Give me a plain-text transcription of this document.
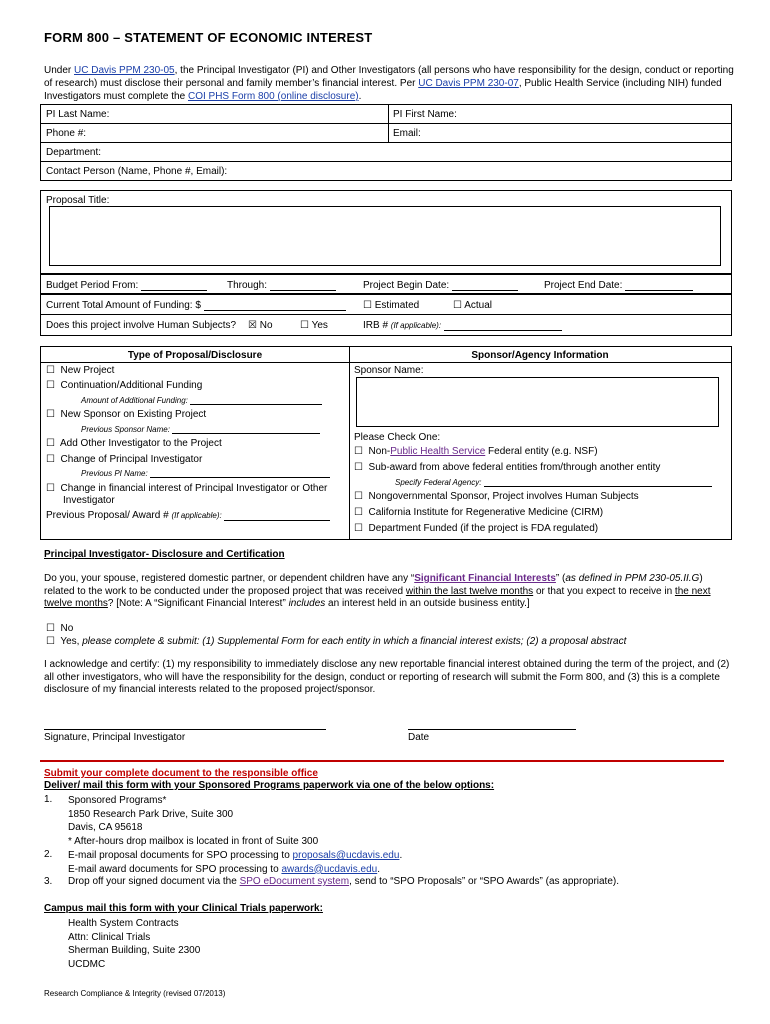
FORM 800 – STATEMENT OF ECONOMIC INTEREST
Under UC Davis PPM 230-05, the Principal Investigator (PI) and Other Investigators (all persons who have responsibility for the design, conduct or reporting of research) must disclose their personal and family member’s financial interest. Per UC Davis PPM 230-07, Public Health Service (including NIH) funded Investigators must complete the COI PHS Form 800 (online disclosure).
PI Last Name:	PI First Name:
Phone #:	Email:
Department:
Contact Person (Name, Phone #, Email):
Proposal Title:
Budget Period From:	Through:	Project Begin Date:	Project End Date:
Current Total Amount of Funding: $	☐ Estimated	☐ Actual
Does this project involve Human Subjects? ☒ No	☐ Yes	IRB # (If applicable):
Type of Proposal/Disclosure	Sponsor/Agency Information
☐ New Project
☐ Continuation/Additional Funding
Amount of Additional Funding:
☐ New Sponsor on Existing Project
Previous Sponsor Name:
☐ Add Other Investigator to the Project
☐ Change of Principal Investigator
Previous PI Name:
☐ Change in financial interest of Principal Investigator or Other
Investigator
Previous Proposal/ Award # (If applicable):
Sponsor Name:
Please Check One:
☐ Non-Public Health Service Federal entity (e.g. NSF)
☐ Sub-award from above federal entities from/through another entity
Specify Federal Agency:
☐ Nongovernmental Sponsor, Project involves Human Subjects
☐ California Institute for Regenerative Medicine (CIRM)
☐ Department Funded (if the project is FDA regulated)
Principal Investigator- Disclosure and Certification
Do you, your spouse, registered domestic partner, or dependent children have any “Significant Financial Interests” (as defined in PPM 230-05.II.G) related to the work to be conducted under the proposed project that was received within the last twelve months or that you expect to receive in the next twelve months? [Note: A “Significant Financial Interest” includes an interest held in an outside business entity.]
☐ No
☐ Yes, please complete & submit: (1) Supplemental Form for each entity in which a financial interest exists; (2) a proposal abstract
I acknowledge and certify: (1) my responsibility to immediately disclose any new reportable financial interest obtained during the term of the project, and (2) all other investigators, who will have the responsibility for the design, conduct or reporting of research will submit the Form 800, and (3) this is a complete disclosure of my financial interests related to the proposed project/sponsor.
Signature, Principal Investigator	Date
Submit your complete document to the responsible office
Deliver/ mail this form with your Sponsored Programs paperwork via one of the below options:
1. Sponsored Programs*
1850 Research Park Drive, Suite 300
Davis, CA 95618
* After-hours drop mailbox is located in front of Suite 300
2. E-mail proposal documents for SPO processing to proposals@ucdavis.edu.
E-mail award documents for SPO processing to awards@ucdavis.edu.
3. Drop off your signed document via the SPO eDocument system, send to “SPO Proposals” or “SPO Awards” (as appropriate).
Campus mail this form with your Clinical Trials paperwork:
Health System Contracts
Attn: Clinical Trials
Sherman Building, Suite 2300
UCDMC
Research Compliance & Integrity (revised 07/2013)
